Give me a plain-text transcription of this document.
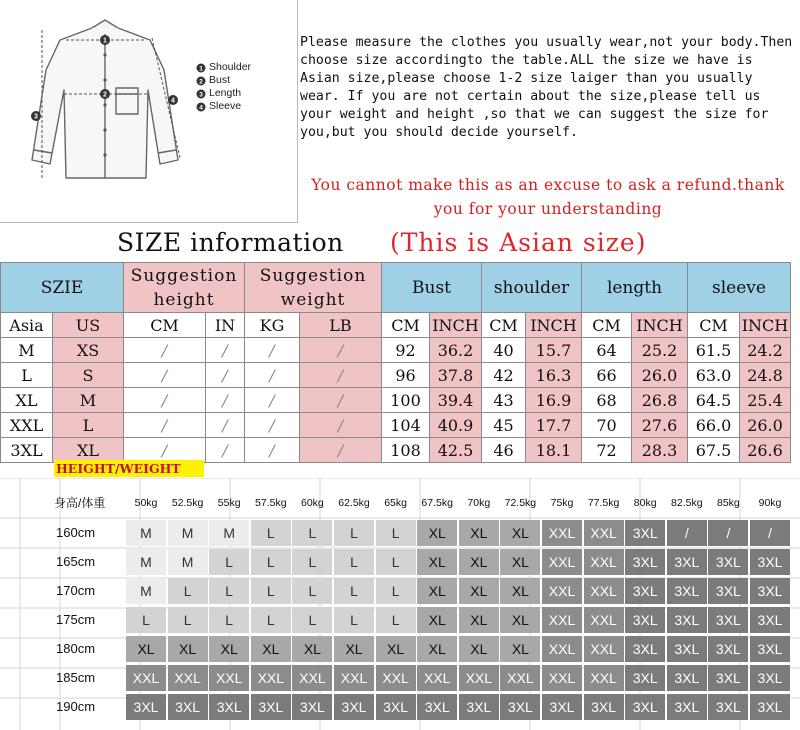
1
2
3
4
1
2
3
4
Shoulder
Bust
Length
Sleeve
Please measure the clothes you usually wear,not your body.Then choose size accordingto the table.ALL the size we have is Asian size,please choose 1-2 size laiger than you usually wear. If you are not certain about the size,please tell us your weight and height ,so that we can suggest the size for you,but you should decide yourself.
You cannot make this as an excuse to ask a refund.thank you for your understanding
SIZE information (This is Asian size)
SZIE		Suggestion height		Suggestion weight		Bust		shoulder		length		sleeve	
Asia	US	CM	IN	KG	LB	CM	INCH	CM	INCH	CM	INCH	CM	INCH
M	XS	/	/	/	/	92	36.2	40	15.7	64	25.2	61.5	24.2
L	S	/	/	/	/	96	37.8	42	16.3	66	26.0	63.0	24.8
XL	M	/	/	/	/	100	39.4	43	16.9	68	26.8	64.5	25.4
XXL	L	/	/	/	/	104	40.9	45	17.7	70	27.6	66.0	26.0
3XL	XL	/	/	/	/	108	42.5	46	18.1	72	28.3	67.5	26.6
HEIGHT/WEIGHT
身高/体重	50kg	52.5kg	55kg	57.5kg	60kg	62.5kg	65kg	67.5kg	70kg	72.5kg	75kg	77.5kg	80kg	82.5kg	85kg	90kg
160cm	M	M	M	L	L	L	L	XL	XL	XL	XXL	XXL	3XL	/	/	/
165cm	M	M	L	L	L	L	L	XL	XL	XL	XXL	XXL	3XL	3XL	3XL	3XL
170cm	M	L	L	L	L	L	L	XL	XL	XL	XXL	XXL	3XL	3XL	3XL	3XL
175cm	L	L	L	L	L	L	L	XL	XL	XL	XXL	XXL	3XL	3XL	3XL	3XL
180cm	XL	XL	XL	XL	XL	XL	XL	XL	XL	XL	XXL	XXL	3XL	3XL	3XL	3XL
185cm	XXL	XXL	XXL	XXL	XXL	XXL	XXL	XXL	XXL	XXL	XXL	XXL	3XL	3XL	3XL	3XL
190cm	3XL	3XL	3XL	3XL	3XL	3XL	3XL	3XL	3XL	3XL	3XL	3XL	3XL	3XL	3XL	3XL
